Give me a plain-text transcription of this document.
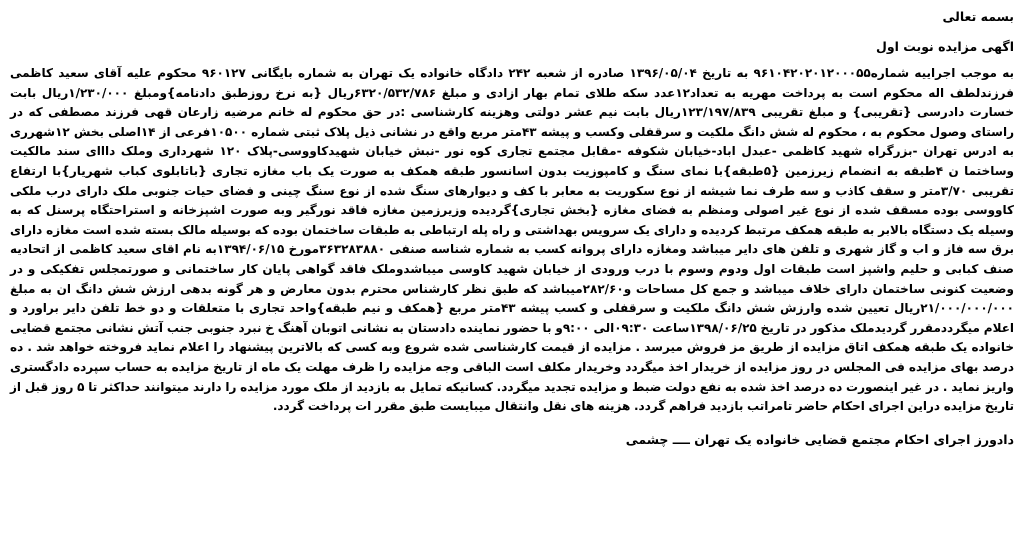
بسمه تعالی

اگهی مزایده نوبت اول

به موجب اجراییه شماره۹۶۱۰۴۲۰۲۰۱۲۰۰۰۵۵ به تاریخ ۱۳۹۶/۰۵/۰۴ صادره از شعبه ۲۴۲ دادگاه خانواده یک تهران به شماره بایگانی ۹۶۰۱۲۷ محکوم علیه آقای سعید کاظمی فرزندلطف اله محکوم است به پرداخت مهریه به تعداد۱۲عدد سکه طلای تمام بهار ازادی و مبلغ ۶۳۲۰/۵۳۲/۷۸۶ریال {به نرخ روزطبق دادنامه}ومبلغ ۱/۲۳۰/۰۰۰ریال بابت خسارت دادرسی {تقریبی} و مبلغ تقریبی ۱۲۳/۱۹۷/۸۳۹ریال بابت نیم عشر دولتی وهزینه کارشناسی :در حق محکوم له خانم مرضیه زارعان قهی فرزند مصطفی که در راستای وصول محکوم به ، محکوم له شش دانگ ملکیت و سرقفلی وکسب و پیشه ۴۳متر مربع واقع در نشانی ذیل پلاک ثبتی شماره ۱۰۵۰۰فرعی از ۱۴اصلی بخش ۱۲شهرری به ادرس تهران -بزرگراه شهید کاظمی -عبدل اباد-خیابان شکوفه -مقابل مجتمع تجاری کوه نور -نبش خیابان شهیدکاووسی-پلاک ۱۲۰ شهرداری وملک دااای سند مالکیت وساختما ن ۴طبقه به انضمام زیرزمین {۵طبقه}با نمای سنگ و کامپوزیت بدون اسانسور طبقه همکف به صورت یک باب مغازه تجاری {باتابلوی کباب شهریار}با ارتفاع تقریبی ۳/۷۰متر و سقف کاذب و سه طرف نما شیشه از نوع سکوریت به معابر با کف و دیوارهای سنگ شده از نوع سنگ چینی و فضای حیات جنوبی ملک دارای درب ملکی کاووسی بوده مسقف شده از نوع غیر اصولی ومنظم به فضای مغازه {بخش تجاری}گردیده وزیرزمین مغازه فاقد نورگیر وبه صورت اشپزخانه و استراحتگاه پرسنل که به وسیله یک دستگاه بالابر به طبقه همکف مرتبط کردیده و دارای یک سرویس بهداشتی و راه پله ارتباطی به طبقات ساختمان بوده که بوسیله مالک بسته شده است مغازه دارای برق سه فاز و اب و گاز شهری و تلفن های دایر میباشد ومغازه دارای پروانه کسب به شماره شناسه صنفی ۳۶۳۲۸۳۸۸۰مورخ ۱۳۹۴/۰۶/۱۵به نام اقای سعید کاظمی از اتحادیه صنف کبابی و حلیم واشپز است طبقات اول ودوم وسوم با درب ورودی از خیابان شهید کاوسی میباشدوملک فاقد گواهی پایان کار ساختمانی و صورتمجلس تفکیکی و در وضعیت کنونی ساختمان دارای خلاف میباشد و جمع کل مساحات و۲۸۲/۶۰میباشد که طبق نظر کارشناس محترم بدون معارض و هر گونه بدهی ارزش شش دانگ ان به مبلغ ۲۱/۰۰۰/۰۰۰/۰۰۰ریال تعیین شده وارزش شش دانگ ملکیت و سرقفلی و کسب پیشه ۴۳متر مربع {همکف و نیم طبقه}واحد تجاری با متعلقات و دو خط تلفن دایر براورد و اعلام میگرددمقرر گردیدملک مذکور در تاریخ ۱۳۹۸/۰۶/۲۵ساعت ۰۹:۳۰الی ۹:۰۰و با حضور نماینده دادستان به نشانی اتوبان آهنگ خ نبرد جنوبی جنب آتش نشانی مجتمع قضایی خانواده یک طبقه همکف اتاق مزایده از طریق مز فروش میرسد . مزایده از قیمت کارشناسی شده شروع وبه کسی که بالاترین پیشنهاد را اعلام نماید فروخته خواهد شد . ده درصد بهای مزایده فی المجلس در روز مزایده از خریدار اخذ میگردد وخریدار مکلف است الباقی وجه مزایده را ظرف مهلت یک ماه از تاریخ مزایده به حساب سپرده دادگستری واریز نماید . در غیر اینصورت ده درصد اخذ شده به نفع دولت ضبط و مزایده تجدید میگردد. کسانیکه تمایل به بازدید از ملک مورد مزایده را دارند میتوانند حداکثر تا ۵ روز قبل از تاریخ مزایده دراین اجرای احکام حاضر تامراتب بازدید فراهم گردد. هزینه های نقل وانتقال میبایست طبق مقرر ات پرداخت گردد.

دادورز اجرای احکام مجتمع قضایی خانواده یک تهران ــــ چشمی
